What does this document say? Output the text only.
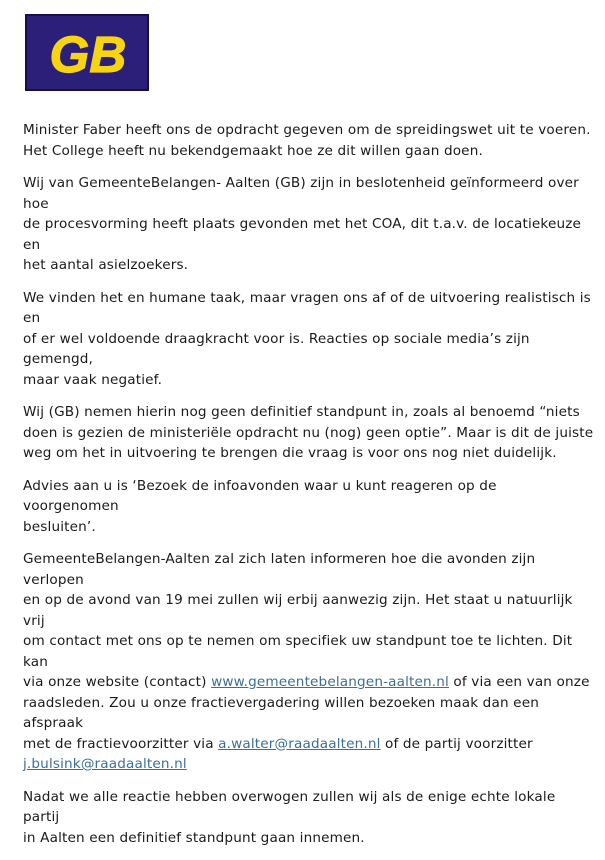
GB

Minister Faber heeft ons de opdracht gegeven om de spreidingswet uit te voeren.
Het College heeft nu bekendgemaakt hoe ze dit willen gaan doen.

Wij van GemeenteBelangen- Aalten (GB) zijn in beslotenheid geïnformeerd over hoe
de procesvorming heeft plaats gevonden met het COA, dit t.a.v. de locatiekeuze en
het aantal asielzoekers.

We vinden het en humane taak, maar vragen ons af of de uitvoering realistisch is en
of er wel voldoende draagkracht voor is. Reacties op sociale media’s zijn gemengd,
maar vaak negatief.

Wij (GB) nemen hierin nog geen definitief standpunt in, zoals al benoemd “niets
doen is gezien de ministeriële opdracht nu (nog) geen optie”. Maar is dit de juiste
weg om het in uitvoering te brengen die vraag is voor ons nog niet duidelijk.

Advies aan u is ‘Bezoek de infoavonden waar u kunt reageren op de voorgenomen
besluiten’.

GemeenteBelangen-Aalten zal zich laten informeren hoe die avonden zijn verlopen
en op de avond van 19 mei zullen wij erbij aanwezig zijn. Het staat u natuurlijk vrij
om contact met ons op te nemen om specifiek uw standpunt toe te lichten. Dit kan
via onze website (contact) www.gemeentebelangen-aalten.nl of via een van onze
raadsleden. Zou u onze fractievergadering willen bezoeken maak dan een afspraak
met de fractievoorzitter via a.walter@raadaalten.nl of de partij voorzitter
j.bulsink@raadaalten.nl

Nadat we alle reactie hebben overwogen zullen wij als de enige echte lokale partij
in Aalten een definitief standpunt gaan innemen.
